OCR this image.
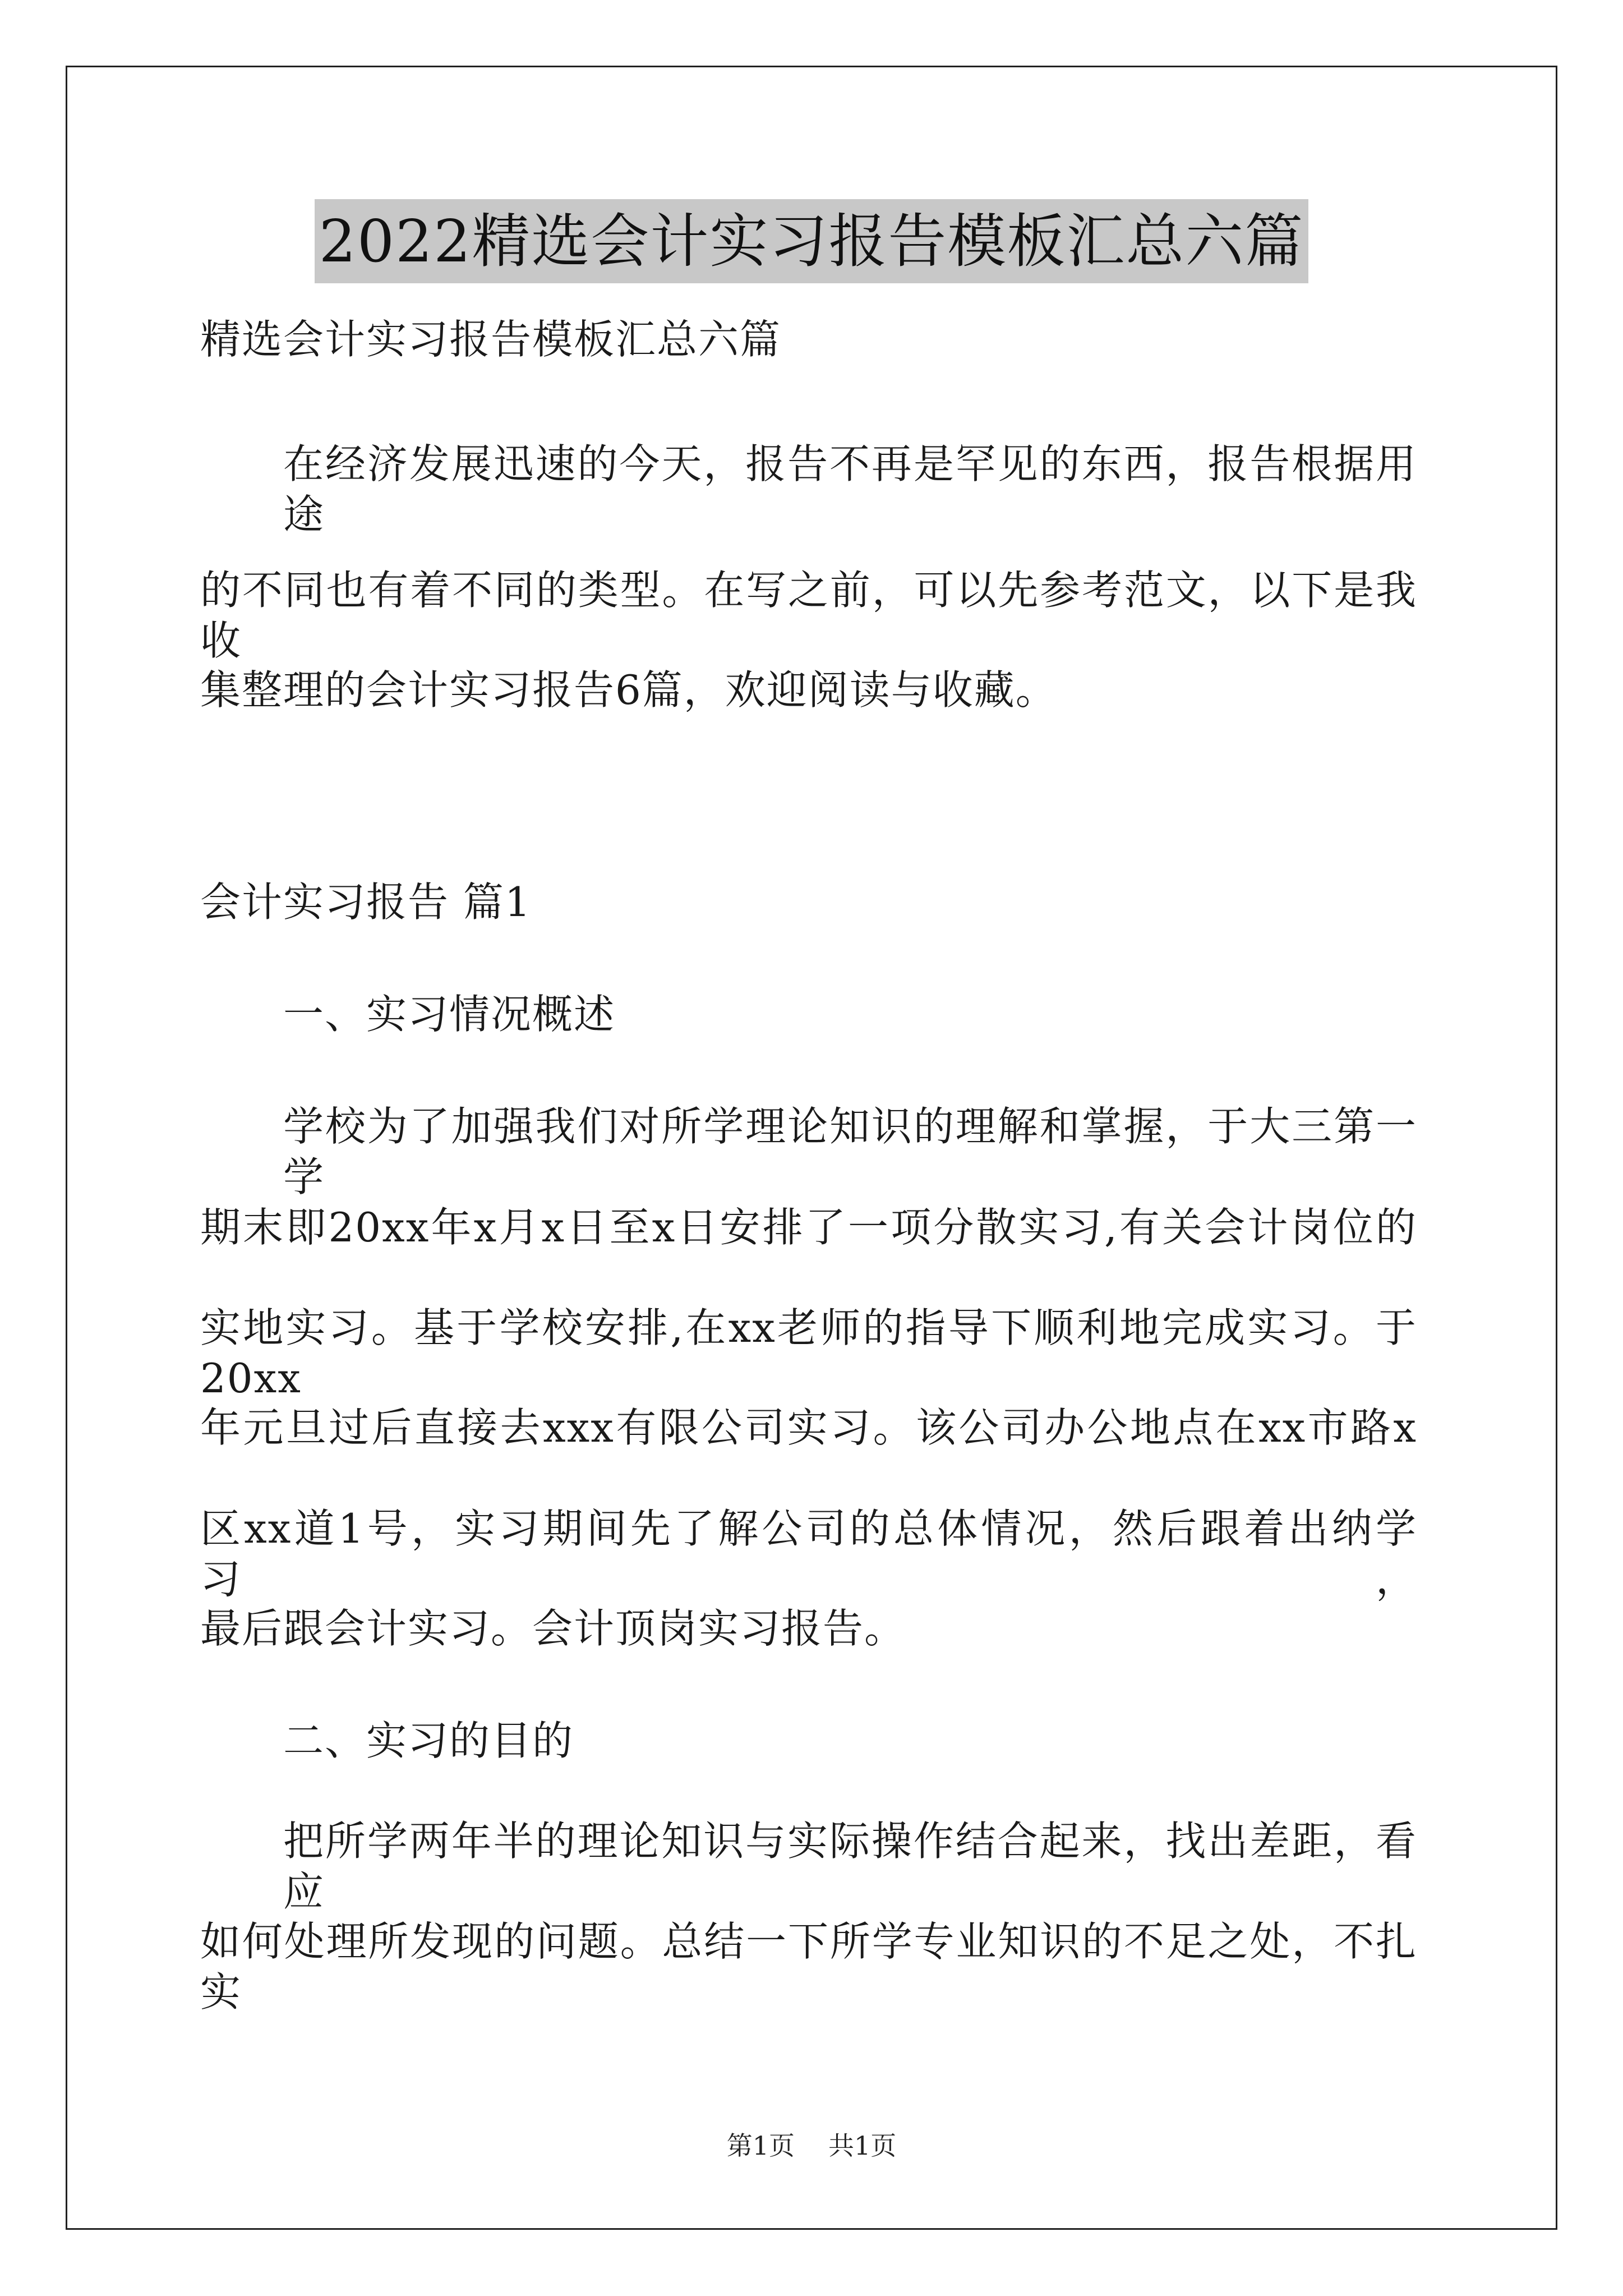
2022精选会计实习报告模板汇总六篇
精选会计实习报告模板汇总六篇
在经济发展迅速的今天，报告不再是罕见的东西，报告根据用途
的不同也有着不同的类型。在写之前，可以先参考范文，以下是我收
集整理的会计实习报告6篇，欢迎阅读与收藏。
会计实习报告 篇1
一、实习情况概述
学校为了加强我们对所学理论知识的理解和掌握，于大三第一学
期末即20xx年x月x日至x日安排了一项分散实习,有关会计岗位的
实地实习。基于学校安排,在xx老师的指导下顺利地完成实习。于20xx
年元旦过后直接去xxx有限公司实习。该公司办公地点在xx市路x
区xx道1号，实习期间先了解公司的总体情况，然后跟着出纳学习，
最后跟会计实习。会计顶岗实习报告。
二、实习的目的
把所学两年半的理论知识与实际操作结合起来，找出差距，看应
如何处理所发现的问题。总结一下所学专业知识的不足之处，不扎实
第1页 共1页
